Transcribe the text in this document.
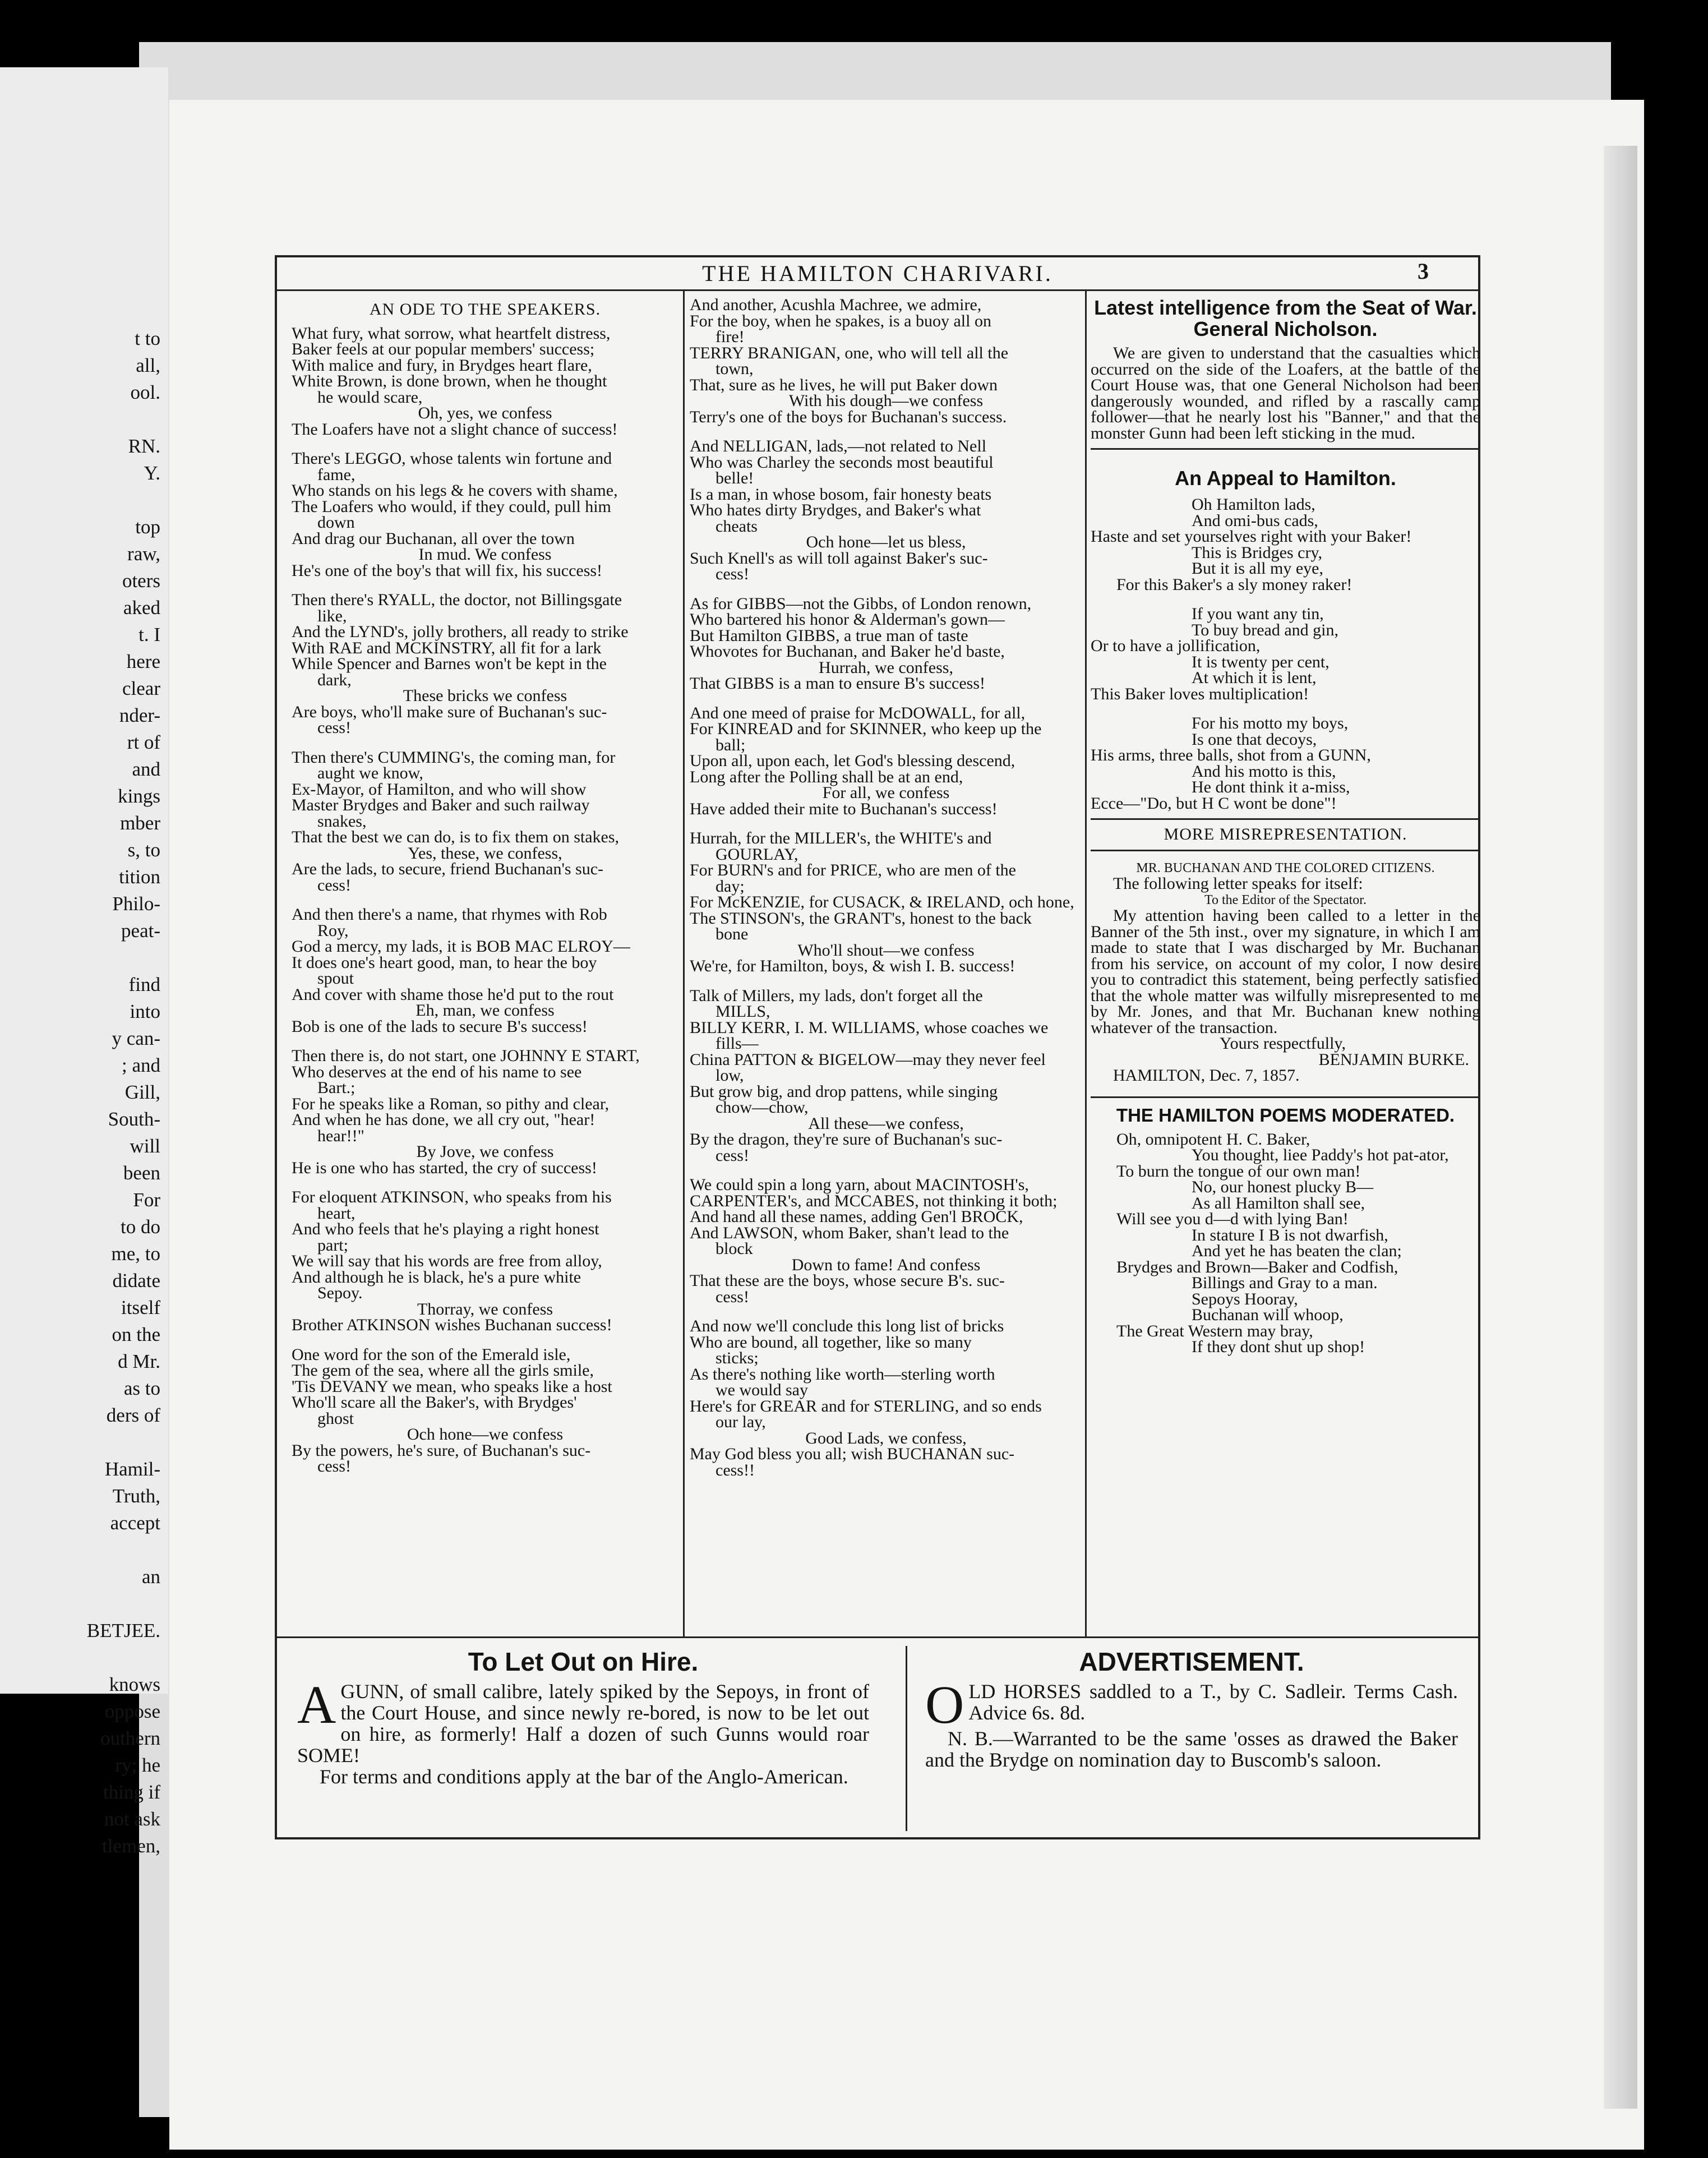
t to

all,

ool.

RN.

Y.

top

raw,

oters

aked

t. I

here

clear

nder-

rt of

and

kings

mber

s, to

tition

Philo-

peat-

find

into

y can-

; and

Gill,

South-

will

been

For

to do

me, to

didate

itself

on the

d Mr.

as to

ders of

Hamil-

Truth,

accept

an

BETJEE.

knows

oppose

outhern

ry; he

thing if

not ask

tlemen,

THE HAMILTON CHARIVARI.	3
AN ODE TO THE SPEAKERS.
What fury, what sorrow, what heartfelt distress,
Baker feels at our popular members' success;
With malice and fury, in Brydges heart flare,
White Brown, is done brown, when he thought
he would scare,
Oh, yes, we confess
The Loafers have not a slight chance of success!
There's LEGGO, whose talents win fortune and
fame,
Who stands on his legs & he covers with shame,
The Loafers who would, if they could, pull him
down
And drag our Buchanan, all over the town
In mud. We confess
He's one of the boy's that will fix, his success!
Then there's RYALL, the doctor, not Billingsgate
like,
And the LYND's, jolly brothers, all ready to strike
With RAE and MCKINSTRY, all fit for a lark
While Spencer and Barnes won't be kept in the
dark,
These bricks we confess
Are boys, who'll make sure of Buchanan's suc-
cess!
Then there's CUMMING's, the coming man, for
aught we know,
Ex-Mayor, of Hamilton, and who will show
Master Brydges and Baker and such railway
snakes,
That the best we can do, is to fix them on stakes,
Yes, these, we confess,
Are the lads, to secure, friend Buchanan's suc-
cess!
And then there's a name, that rhymes with Rob
Roy,
God a mercy, my lads, it is BOB MAC ELROY—
It does one's heart good, man, to hear the boy
spout
And cover with shame those he'd put to the rout
Eh, man, we confess
Bob is one of the lads to secure B's success!
Then there is, do not start, one JOHNNY E START,
Who deserves at the end of his name to see
Bart.;
For he speaks like a Roman, so pithy and clear,
And when he has done, we all cry out, "hear!
hear!!"
By Jove, we confess
He is one who has started, the cry of success!
For eloquent ATKINSON, who speaks from his
heart,
And who feels that he's playing a right honest
part;
We will say that his words are free from alloy,
And although he is black, he's a pure white
Sepoy.
Thorray, we confess
Brother ATKINSON wishes Buchanan success!
One word for the son of the Emerald isle,
The gem of the sea, where all the girls smile,
'Tis DEVANY we mean, who speaks like a host
Who'll scare all the Baker's, with Brydges'
ghost
Och hone—we confess
By the powers, he's sure, of Buchanan's suc-
cess!
And another, Acushla Machree, we admire,
For the boy, when he spakes, is a buoy all on
fire!
TERRY BRANIGAN, one, who will tell all the
town,
That, sure as he lives, he will put Baker down
With his dough—we confess
Terry's one of the boys for Buchanan's success.
And NELLIGAN, lads,—not related to Nell
Who was Charley the seconds most beautiful
belle!
Is a man, in whose bosom, fair honesty beats
Who hates dirty Brydges, and Baker's what
cheats
Och hone—let us bless,
Such Knell's as will toll against Baker's suc-
cess!
As for GIBBS—not the Gibbs, of London renown,
Who bartered his honor & Alderman's gown—
But Hamilton GIBBS, a true man of taste
Whovotes for Buchanan, and Baker he'd baste,
Hurrah, we confess,
That GIBBS is a man to ensure B's success!
And one meed of praise for McDOWALL, for all,
For KINREAD and for SKINNER, who keep up the
ball;
Upon all, upon each, let God's blessing descend,
Long after the Polling shall be at an end,
For all, we confess
Have added their mite to Buchanan's success!
Hurrah, for the MILLER's, the WHITE's and
GOURLAY,
For BURN's and for PRICE, who are men of the
day;
For McKENZIE, for CUSACK, & IRELAND, och hone,
The STINSON's, the GRANT's, honest to the back
bone
Who'll shout—we confess
We're, for Hamilton, boys, & wish I. B. success!
Talk of Millers, my lads, don't forget all the
MILLS,
BILLY KERR, I. M. WILLIAMS, whose coaches we
fills—
China PATTON & BIGELOW—may they never feel
low,
But grow big, and drop pattens, while singing
chow—chow,
All these—we confess,
By the dragon, they're sure of Buchanan's suc-
cess!
We could spin a long yarn, about MACINTOSH's,
CARPENTER's, and MCCABES, not thinking it both;
And hand all these names, adding Gen'l BROCK,
And LAWSON, whom Baker, shan't lead to the
block
Down to fame! And confess
That these are the boys, whose secure B's. suc-
cess!
And now we'll conclude this long list of bricks
Who are bound, all together, like so many
sticks;
As there's nothing like worth—sterling worth
we would say
Here's for GREAR and for STERLING, and so ends
our lay,
Good Lads, we confess,
May God bless you all; wish BUCHANAN suc-
cess!!
Latest intelligence from the Seat of War.
General Nicholson.
We are given to understand that the casualties which occurred on the side of the Loafers, at the battle of the Court House was, that one General Nicholson had been dangerously wounded, and rifled by a rascally camp follower—that he nearly lost his "Banner," and that the monster Gunn had been left sticking in the mud.
An Appeal to Hamilton.
Oh Hamilton lads,
And omi-bus cads,
Haste and set yourselves right with your Baker!
This is Bridges cry,
But it is all my eye,
For this Baker's a sly money raker!
If you want any tin,
To buy bread and gin,
Or to have a jollification,
It is twenty per cent,
At which it is lent,
This Baker loves multiplication!
For his motto my boys,
Is one that decoys,
His arms, three balls, shot from a GUNN,
And his motto is this,
He dont think it a-miss,
Ecce—"Do, but H C wont be done"!
MORE MISREPRESENTATION.
MR. BUCHANAN AND THE COLORED CITIZENS.
The following letter speaks for itself:
To the Editor of the Spectator.
My attention having been called to a letter in the Banner of the 5th inst., over my signature, in which I am made to state that I was discharged by Mr. Buchanan from his service, on account of my color, I now desire you to contradict this statement, being perfectly satisfied that the whole matter was wilfully misrepresented to me by Mr. Jones, and that Mr. Buchanan knew nothing whatever of the transaction.
Yours respectfully,
BENJAMIN BURKE.
HAMILTON, Dec. 7, 1857.
THE HAMILTON POEMS MODERATED.
Oh, omnipotent H. C. Baker,
You thought, liee Paddy's hot pat-ator,
To burn the tongue of our own man!
No, our honest plucky B—
As all Hamilton shall see,
Will see you d—d with lying Ban!
In stature I B is not dwarfish,
And yet he has beaten the clan;
Brydges and Brown—Baker and Codfish,
Billings and Gray to a man.
Sepoys Hooray,
Buchanan will whoop,
The Great Western may bray,
If they dont shut up shop!
To Let Out on Hire.

AGUNN, of small calibre, lately spiked by the Sepoys, in front of the Court House, and since newly re-bored, is now to be let out on hire, as formerly! Half a dozen of such Gunns would roar SOME!

For terms and conditions apply at the bar of the Anglo-American.

ADVERTISEMENT.

OLD HORSES saddled to a T., by C. Sadleir. Terms Cash. Advice 6s. 8d.

N. B.—Warranted to be the same 'osses as drawed the Baker and the Brydge on nomination day to Buscomb's saloon.
